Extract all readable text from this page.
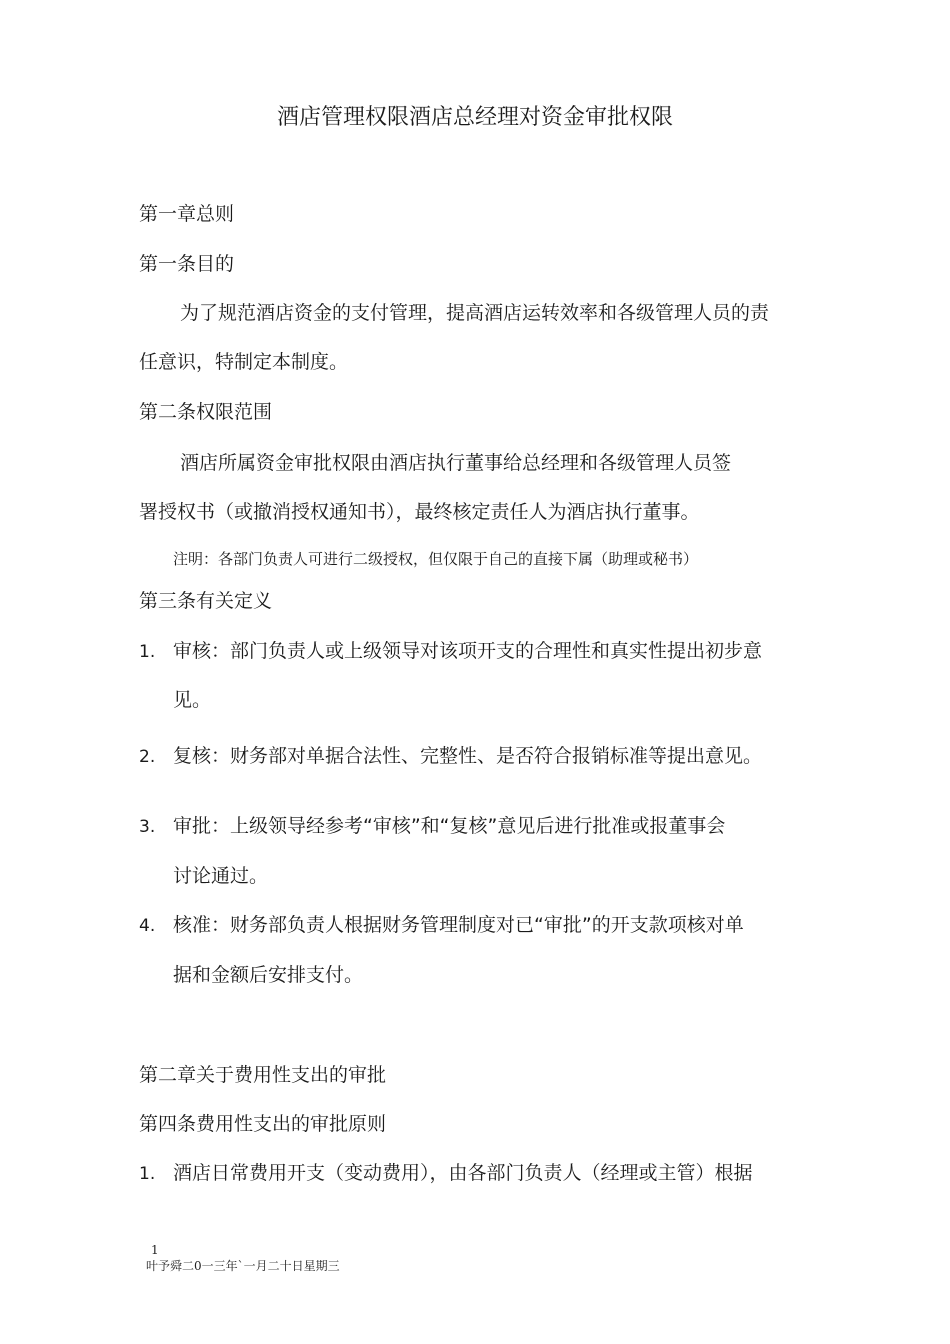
酒店管理权限酒店总经理对资金审批权限
第一章总则
第一条目的
为了规范酒店资金的支付管理，提高酒店运转效率和各级管理人员的责
任意识，特制定本制度。
第二条权限范围
酒店所属资金审批权限由酒店执行董事给总经理和各级管理人员签
署授权书（或撤消授权通知书），最终核定责任人为酒店执行董事。
注明：各部门负责人可进行二级授权，但仅限于自己的直接下属（助理或秘书）
第三条有关定义
1. 审核：部门负责人或上级领导对该项开支的合理性和真实性提出初步意
见。
2. 复核：财务部对单据合法性、完整性、是否符合报销标准等提出意见。
3. 审批：上级领导经参考“审核”和“复核”意见后进行批准或报董事会
讨论通过。
4. 核准：财务部负责人根据财务管理制度对已“审批”的开支款项核对单
据和金额后安排支付。
第二章关于费用性支出的审批
第四条费用性支出的审批原则
1. 酒店日常费用开支（变动费用），由各部门负责人（经理或主管）根据
1
叶予舜二0一三年`一月二十日星期三
